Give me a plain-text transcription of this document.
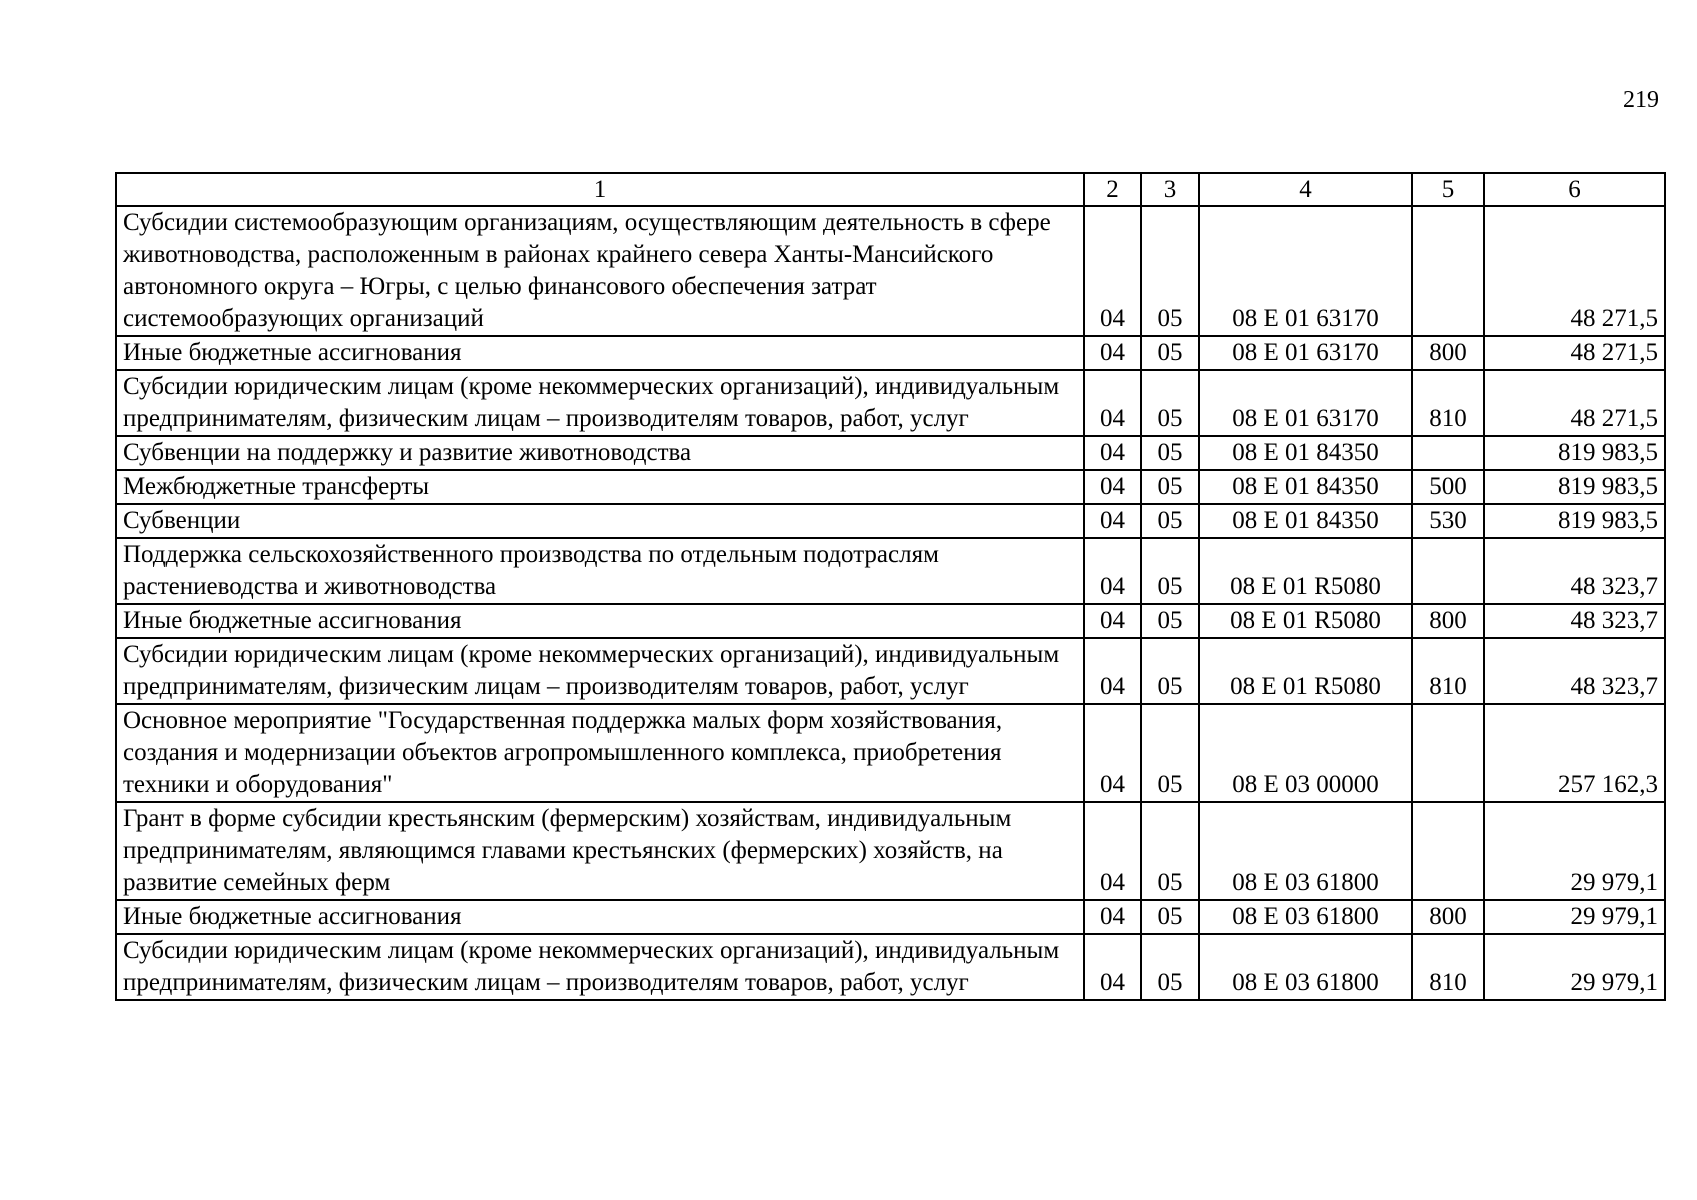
219
1	2	3	4	5	6
Субсидии системообразующим организациям, осуществляющим деятельность в сфере животноводства, расположенным в районах крайнего севера Ханты-Мансийского автономного округа – Югры, с целью финансового обеспечения затрат системообразующих организаций	04	05	08 Е 01 63170		48 271,5
Иные бюджетные ассигнования	04	05	08 Е 01 63170	800	48 271,5
Субсидии юридическим лицам (кроме некоммерческих организаций), индивидуальным предпринимателям, физическим лицам – производителям товаров, работ, услуг	04	05	08 Е 01 63170	810	48 271,5
Субвенции на поддержку и развитие животноводства	04	05	08 Е 01 84350		819 983,5
Межбюджетные трансферты	04	05	08 Е 01 84350	500	819 983,5
Субвенции	04	05	08 Е 01 84350	530	819 983,5
Поддержка сельскохозяйственного производства по отдельным подотраслям растениеводства и животноводства	04	05	08 Е 01 R5080		48 323,7
Иные бюджетные ассигнования	04	05	08 Е 01 R5080	800	48 323,7
Субсидии юридическим лицам (кроме некоммерческих организаций), индивидуальным предпринимателям, физическим лицам – производителям товаров, работ, услуг	04	05	08 Е 01 R5080	810	48 323,7
Основное мероприятие "Государственная поддержка малых форм хозяйствования, создания и модернизации объектов агропромышленного комплекса, приобретения техники и оборудования"	04	05	08 Е 03 00000		257 162,3
Грант в форме субсидии крестьянским (фермерским) хозяйствам, индивидуальным предпринимателям, являющимся главами крестьянских (фермерских) хозяйств, на развитие семейных ферм	04	05	08 Е 03 61800		29 979,1
Иные бюджетные ассигнования	04	05	08 Е 03 61800	800	29 979,1
Субсидии юридическим лицам (кроме некоммерческих организаций), индивидуальным предпринимателям, физическим лицам – производителям товаров, работ, услуг	04	05	08 Е 03 61800	810	29 979,1
